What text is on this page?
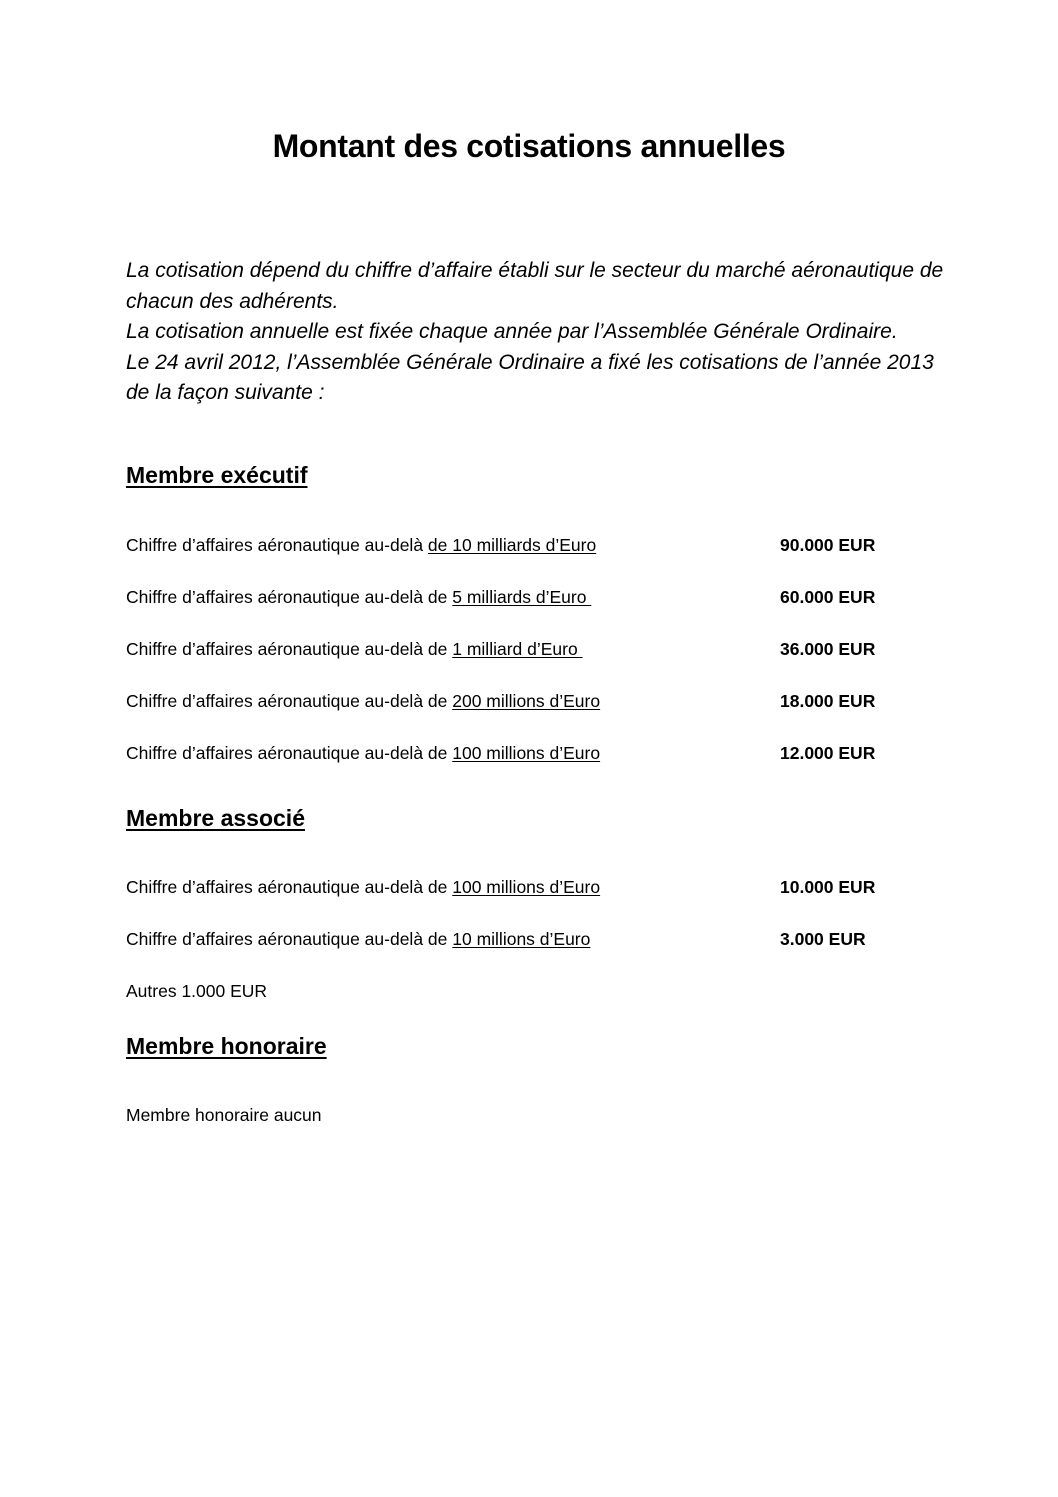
Montant des cotisations annuelles

La cotisation dépend du chiffre d’affaire établi sur le secteur du marché aéronautique de chacun des adhérents.

La cotisation annuelle est fixée chaque année par l’Assemblée Générale Ordinaire.

Le 24 avril 2012, l’Assemblée Générale Ordinaire a fixé les cotisations de l’année 2013 de la façon suivante :

Membre exécutif
Chiffre d’affaires aéronautique au-delà de 10 milliards d’Euro	90.000 EUR
Chiffre d’affaires aéronautique au-delà de 5 milliards d’Euro	60.000 EUR
Chiffre d’affaires aéronautique au-delà de 1 milliard d’Euro	36.000 EUR
Chiffre d’affaires aéronautique au-delà de 200 millions d’Euro	18.000 EUR
Chiffre d’affaires aéronautique au-delà de 100 millions d’Euro	12.000 EUR
Membre associé
Chiffre d’affaires aéronautique au-delà de 100 millions d’Euro	10.000 EUR
Chiffre d’affaires aéronautique au-delà de 10 millions d’Euro	3.000 EUR
Autres 1.000 EUR
Membre honoraire
Membre honoraire aucun
